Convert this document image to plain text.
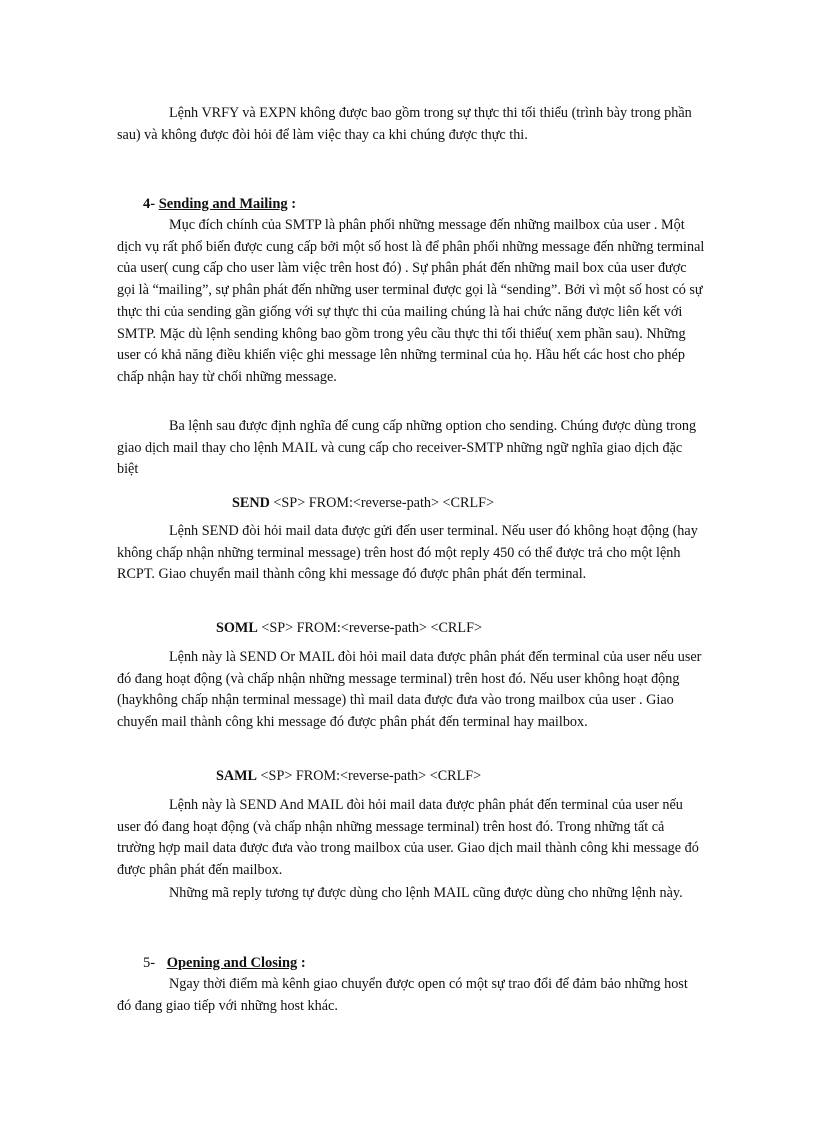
Lệnh VRFY và EXPN không được bao gồm trong sự thực thi tối thiểu (trình bày trong phần sau) và không được đòi hỏi để làm việc thay ca khi chúng được thực thi.

4- Sending and Mailing :

Mục đích chính của SMTP là phân phối những message đến những mailbox của user . Một dịch vụ rất phổ biến được cung cấp bởi một số host là để phân phối những message đến những terminal của user( cung cấp cho user làm việc trên host đó) . Sự phân phát đến những mail box của user được gọi là “mailing”, sự phân phát đến những user terminal được gọi là “sending”. Bởi vì một số host có sự thực thi của sending gần giống với sự thực thi của mailing chúng là hai chức năng được liên kết với SMTP. Mặc dù lệnh sending không bao gồm trong yêu cầu thực thi tối thiểu( xem phần sau). Những user có khả năng điều khiển việc ghi message lên những terminal của họ. Hầu hết các host cho phép chấp nhận hay từ chối những message.

Ba lệnh sau được định nghĩa để cung cấp những option cho sending. Chúng được dùng trong giao dịch mail thay cho lệnh MAIL và cung cấp cho receiver-SMTP những ngữ nghĩa giao dịch đặc biệt

SEND <SP> FROM:<reverse-path> <CRLF>

Lệnh SEND đòi hỏi mail data được gửi đến user terminal. Nếu user đó không hoạt động (hay không chấp nhận những terminal message) trên host đó một reply 450 có thể được trả cho một lệnh RCPT. Giao chuyển mail thành công khi message đó được phân phát đến terminal.

SOML <SP> FROM:<reverse-path> <CRLF>

Lệnh này là SEND Or MAIL đòi hỏi mail data được phân phát đến terminal của user nếu user đó đang hoạt động (và chấp nhận những message terminal) trên host đó. Nếu user không hoạt động (haykhông chấp nhận terminal message) thì mail data được đưa vào trong mailbox của user . Giao chuyển mail thành công khi message đó được phân phát đến terminal hay mailbox.

SAML <SP> FROM:<reverse-path> <CRLF>

Lệnh này là SEND And MAIL đòi hỏi mail data được phân phát đến terminal của user nếu user đó đang hoạt động (và chấp nhận những message terminal) trên host đó. Trong những tất cả trường hợp mail data được đưa vào trong mailbox của user. Giao dịch mail thành công khi message đó được phân phát đến mailbox.

Những mã reply tương tự được dùng cho lệnh MAIL cũng được dùng cho những lệnh này.

5- Opening and Closing :

Ngay thời điểm mà kênh giao chuyển được open có một sự trao đổi để đảm bảo những host đó đang giao tiếp với những host khác.
